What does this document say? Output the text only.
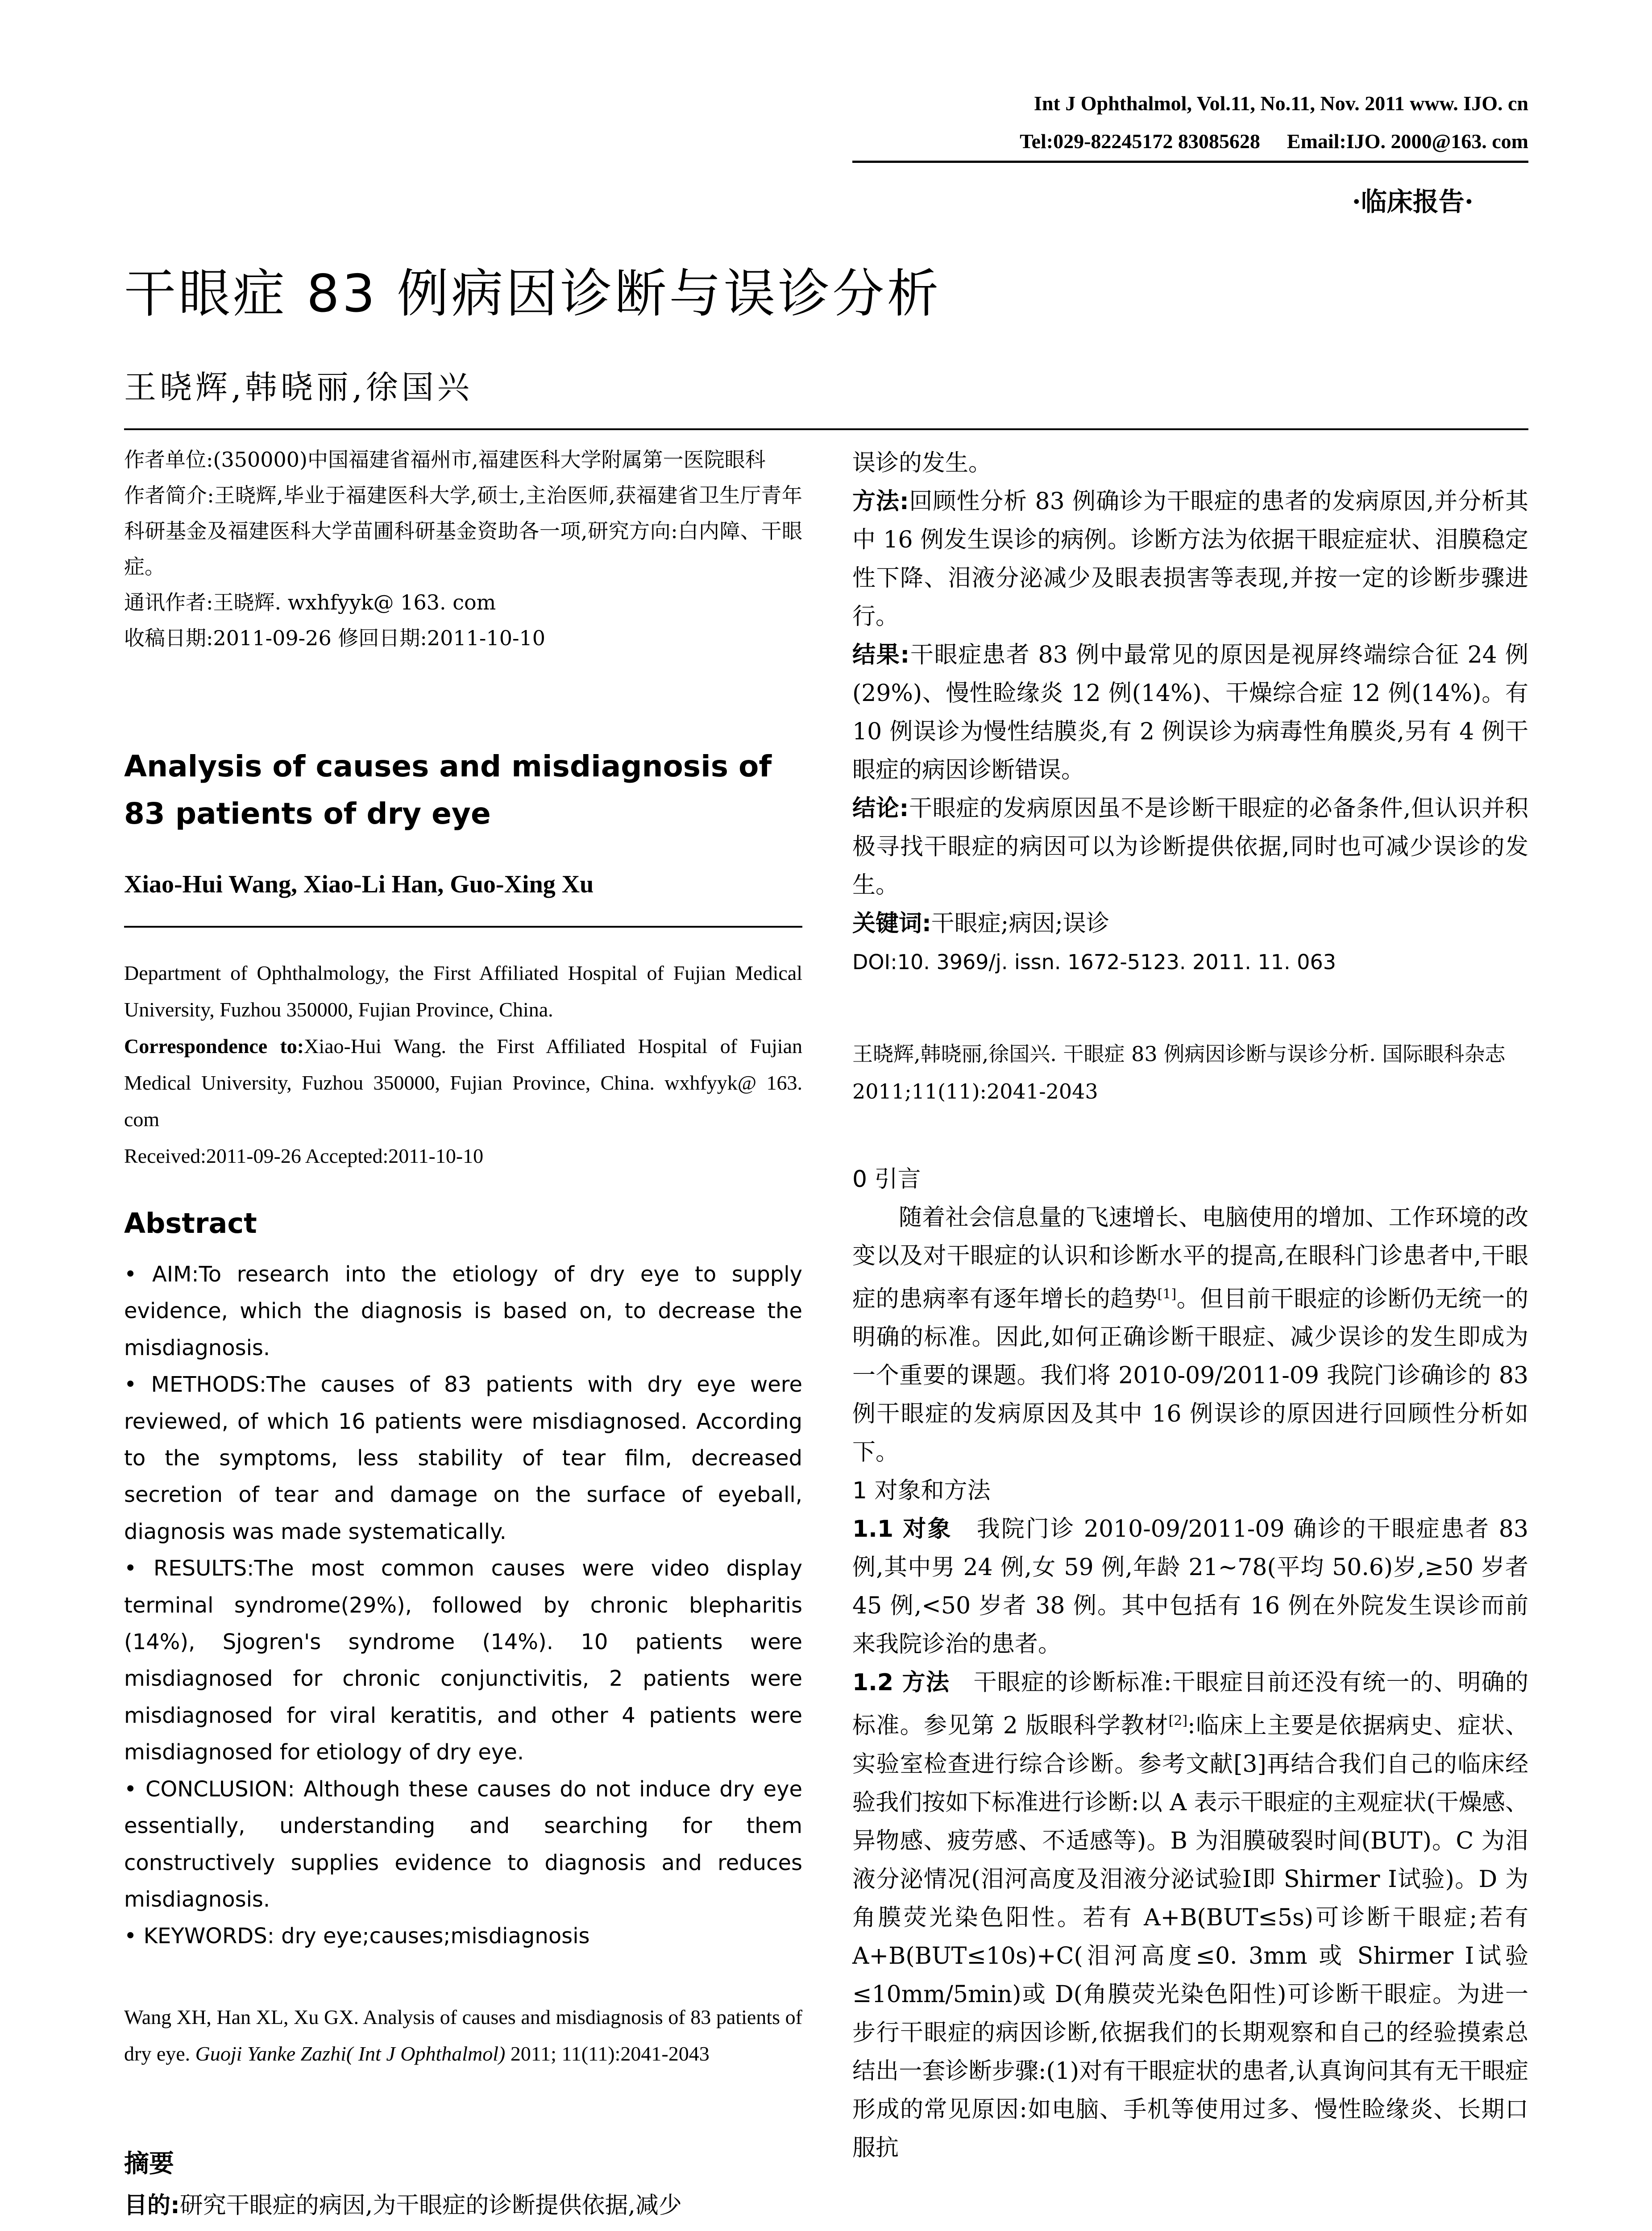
Int J Ophthalmol, Vol.11, No.11, Nov. 2011 www. IJO. cn
Tel:029-82245172 83085628 Email:IJO. 2000@163. com
·临床报告·
干眼症 83 例病因诊断与误诊分析
王晓辉,韩晓丽,徐国兴

作者单位:(350000)中国福建省福州市,福建医科大学附属第一医院眼科

作者简介:王晓辉,毕业于福建医科大学,硕士,主治医师,获福建省卫生厅青年科研基金及福建医科大学苗圃科研基金资助各一项,研究方向:白内障、干眼症。

通讯作者:王晓辉. wxhfyyk@ 163. com

收稿日期:2011-09-26 修回日期:2011-10-10

Analysis of causes and misdiagnosis of 83 patients of dry eye
Xiao-Hui Wang, Xiao-Li Han, Guo-Xing Xu

Department of Ophthalmology, the First Affiliated Hospital of Fujian Medical University, Fuzhou 350000, Fujian Province, China.

Correspondence to:Xiao-Hui Wang. the First Affiliated Hospital of Fujian Medical University, Fuzhou 350000, Fujian Province, China. wxhfyyk@ 163. com

Received:2011-09-26 Accepted:2011-10-10

Abstract

• AIM:To research into the etiology of dry eye to supply evidence, which the diagnosis is based on, to decrease the misdiagnosis.

• METHODS:The causes of 83 patients with dry eye were reviewed, of which 16 patients were misdiagnosed. According to the symptoms, less stability of tear film, decreased secretion of tear and damage on the surface of eyeball, diagnosis was made systematically.

• RESULTS:The most common causes were video display terminal syndrome(29%), followed by chronic blepharitis (14%), Sjogren's syndrome (14%). 10 patients were misdiagnosed for chronic conjunctivitis, 2 patients were misdiagnosed for viral keratitis, and other 4 patients were misdiagnosed for etiology of dry eye.

• CONCLUSION: Although these causes do not induce dry eye essentially, understanding and searching for them constructively supplies evidence to diagnosis and reduces misdiagnosis.

• KEYWORDS: dry eye;causes;misdiagnosis

Wang XH, Han XL, Xu GX. Analysis of causes and misdiagnosis of 83 patients of dry eye. Guoji Yanke Zazhi( Int J Ophthalmol) 2011; 11(11):2041-2043
摘要

目的:研究干眼症的病因,为干眼症的诊断提供依据,减少

误诊的发生。

方法:回顾性分析 83 例确诊为干眼症的患者的发病原因,并分析其中 16 例发生误诊的病例。诊断方法为依据干眼症症状、泪膜稳定性下降、泪液分泌减少及眼表损害等表现,并按一定的诊断步骤进行。

结果:干眼症患者 83 例中最常见的原因是视屏终端综合征 24 例(29%)、慢性睑缘炎 12 例(14%)、干燥综合症 12 例(14%)。有 10 例误诊为慢性结膜炎,有 2 例误诊为病毒性角膜炎,另有 4 例干眼症的病因诊断错误。

结论:干眼症的发病原因虽不是诊断干眼症的必备条件,但认识并积极寻找干眼症的病因可以为诊断提供依据,同时也可减少误诊的发生。

关键词:干眼症;病因;误诊

DOI:10. 3969/j. issn. 1672-5123. 2011. 11. 063

王晓辉,韩晓丽,徐国兴. 干眼症 83 例病因诊断与误诊分析. 国际眼科杂志 2011;11(11):2041-2043

0 引言

随着社会信息量的飞速增长、电脑使用的增加、工作环境的改变以及对干眼症的认识和诊断水平的提高,在眼科门诊患者中,干眼症的患病率有逐年增长的趋势[1]。但目前干眼症的诊断仍无统一的明确的标准。因此,如何正确诊断干眼症、减少误诊的发生即成为一个重要的课题。我们将 2010-09/2011-09 我院门诊确诊的 83 例干眼症的发病原因及其中 16 例误诊的原因进行回顾性分析如下。

1 对象和方法

1.1 对象  我院门诊 2010-09/2011-09 确诊的干眼症患者 83 例,其中男 24 例,女 59 例,年龄 21~78(平均 50.6)岁,≥50 岁者 45 例,<50 岁者 38 例。其中包括有 16 例在外院发生误诊而前来我院诊治的患者。

1.2 方法  干眼症的诊断标准:干眼症目前还没有统一的、明确的标准。参见第 2 版眼科学教材[2]:临床上主要是依据病史、症状、实验室检查进行综合诊断。参考文献[3]再结合我们自己的临床经验我们按如下标准进行诊断:以 A 表示干眼症的主观症状(干燥感、异物感、疲劳感、不适感等)。B 为泪膜破裂时间(BUT)。C 为泪液分泌情况(泪河高度及泪液分泌试验Ⅰ即 Shirmer Ⅰ试验)。D 为角膜荧光染色阳性。若有 A+B(BUT≤5s)可诊断干眼症;若有 A+B(BUT≤10s)+C(泪河高度≤0. 3mm 或 Shirmer Ⅰ试验≤10mm/5min)或 D(角膜荧光染色阳性)可诊断干眼症。为进一步行干眼症的病因诊断,依据我们的长期观察和自己的经验摸索总结出一套诊断步骤:(1)对有干眼症状的患者,认真询问其有无干眼症形成的常见原因:如电脑、手机等使用过多、慢性睑缘炎、长期口服抗
